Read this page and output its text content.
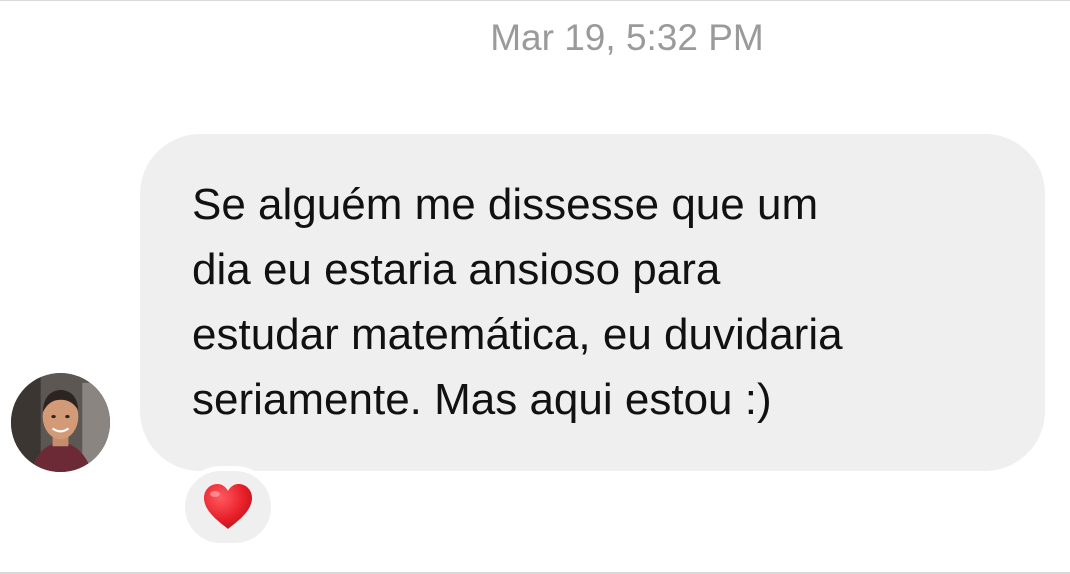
Mar 19, 5:32 PM

Se alguém me dissesse que um
dia eu estaria ansioso para
estudar matemática, eu duvidaria
seriamente. Mas aqui estou :)
